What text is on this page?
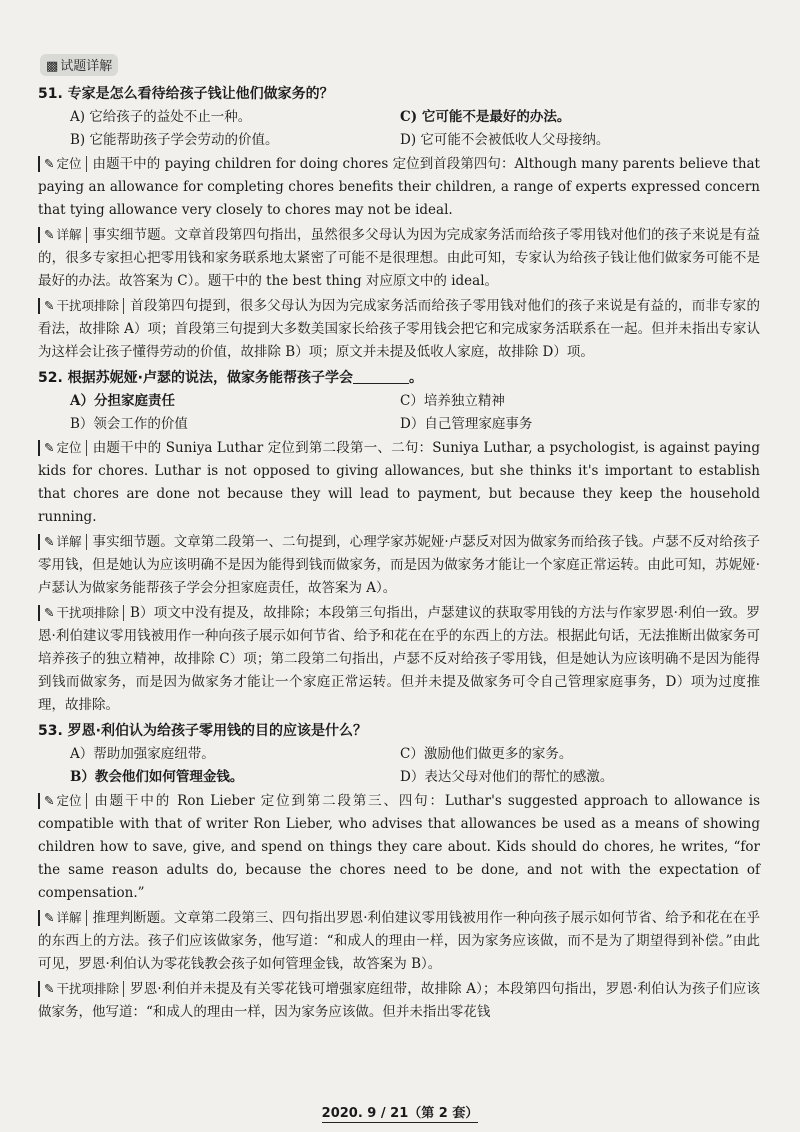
▩ 试题详解

51. 专家是怎么看待给孩子钱让他们做家务的？

A) 它给孩子的益处不止一种。	C) 它可能不是最好的办法。
B) 它能帮助孩子学会劳动的价值。	D) 它可能不会被低收人父母接纳。

✎ 定位 由题干中的 paying children for doing chores 定位到首段第四句：Although many parents believe that paying an allowance for completing chores benefits their children, a range of experts expressed concern that tying allowance very closely to chores may not be ideal.

✎ 详解 事实细节题。文章首段第四句指出，虽然很多父母认为因为完成家务活而给孩子零用钱对他们的孩子来说是有益的，很多专家担心把零用钱和家务联系地太紧密了可能不是很理想。由此可知，专家认为给孩子钱让他们做家务可能不是最好的办法。故答案为 C）。题干中的 the best thing 对应原文中的 ideal。

✎ 干扰项排除 首段第四句提到，很多父母认为因为完成家务活而给孩子零用钱对他们的孩子来说是有益的，而非专家的看法，故排除 A）项；首段第三句提到大多数美国家长给孩子零用钱会把它和完成家务活联系在一起。但并未指出专家认为这样会让孩子懂得劳动的价值，故排除 B）项；原文并未提及低收人家庭，故排除 D）项。

52. 根据苏妮娅·卢瑟的说法，做家务能帮孩子学会	。

A）分担家庭责任	C）培养独立精神
B）领会工作的价值	D）自己管理家庭事务

✎ 定位 由题干中的 Suniya Luthar 定位到第二段第一、二句：Suniya Luthar, a psychologist, is against paying kids for chores. Luthar is not opposed to giving allowances, but she thinks it's important to establish that chores are done not because they will lead to payment, but because they keep the household running.

✎ 详解 事实细节题。文章第二段第一、二句提到，心理学家苏妮娅·卢瑟反对因为做家务而给孩子钱。卢瑟不反对给孩子零用钱，但是她认为应该明确不是因为能得到钱而做家务，而是因为做家务才能让一个家庭正常运转。由此可知，苏妮娅·卢瑟认为做家务能帮孩子学会分担家庭责任，故答案为 A）。

✎ 干扰项排除 B）项文中没有提及，故排除；本段第三句指出，卢瑟建议的获取零用钱的方法与作家罗恩·利伯一致。罗恩·利伯建议零用钱被用作一种向孩子展示如何节省、给予和花在在乎的东西上的方法。根据此句话，无法推断出做家务可培养孩子的独立精神，故排除 C）项；第二段第二句指出，卢瑟不反对给孩子零用钱，但是她认为应该明确不是因为能得到钱而做家务，而是因为做家务才能让一个家庭正常运转。但并未提及做家务可令自己管理家庭事务，D）项为过度推理，故排除。

53. 罗恩·利伯认为给孩子零用钱的目的应该是什么？

A）帮助加强家庭纽带。	C）激励他们做更多的家务。
B）教会他们如何管理金钱。	D）表达父母对他们的帮忙的感激。

✎ 定位 由题干中的 Ron Lieber 定位到第二段第三、四句：Luthar's suggested approach to allowance is compatible with that of writer Ron Lieber, who advises that allowances be used as a means of showing children how to save, give, and spend on things they care about. Kids should do chores, he writes, “for the same reason adults do, because the chores need to be done, and not with the expectation of compensation.”

✎ 详解 推理判断题。文章第二段第三、四句指出罗恩·利伯建议零用钱被用作一种向孩子展示如何节省、给予和花在在乎的东西上的方法。孩子们应该做家务，他写道：“和成人的理由一样，因为家务应该做，而不是为了期望得到补偿。”由此可见，罗恩·利伯认为零花钱教会孩子如何管理金钱，故答案为 B）。

✎ 干扰项排除 罗恩·利伯并未提及有关零花钱可增强家庭纽带，故排除 A）；本段第四句指出，罗恩·利伯认为孩子们应该做家务，他写道：“和成人的理由一样，因为家务应该做。但并未指出零花钱

2020. 9 / 21（第 2 套）
